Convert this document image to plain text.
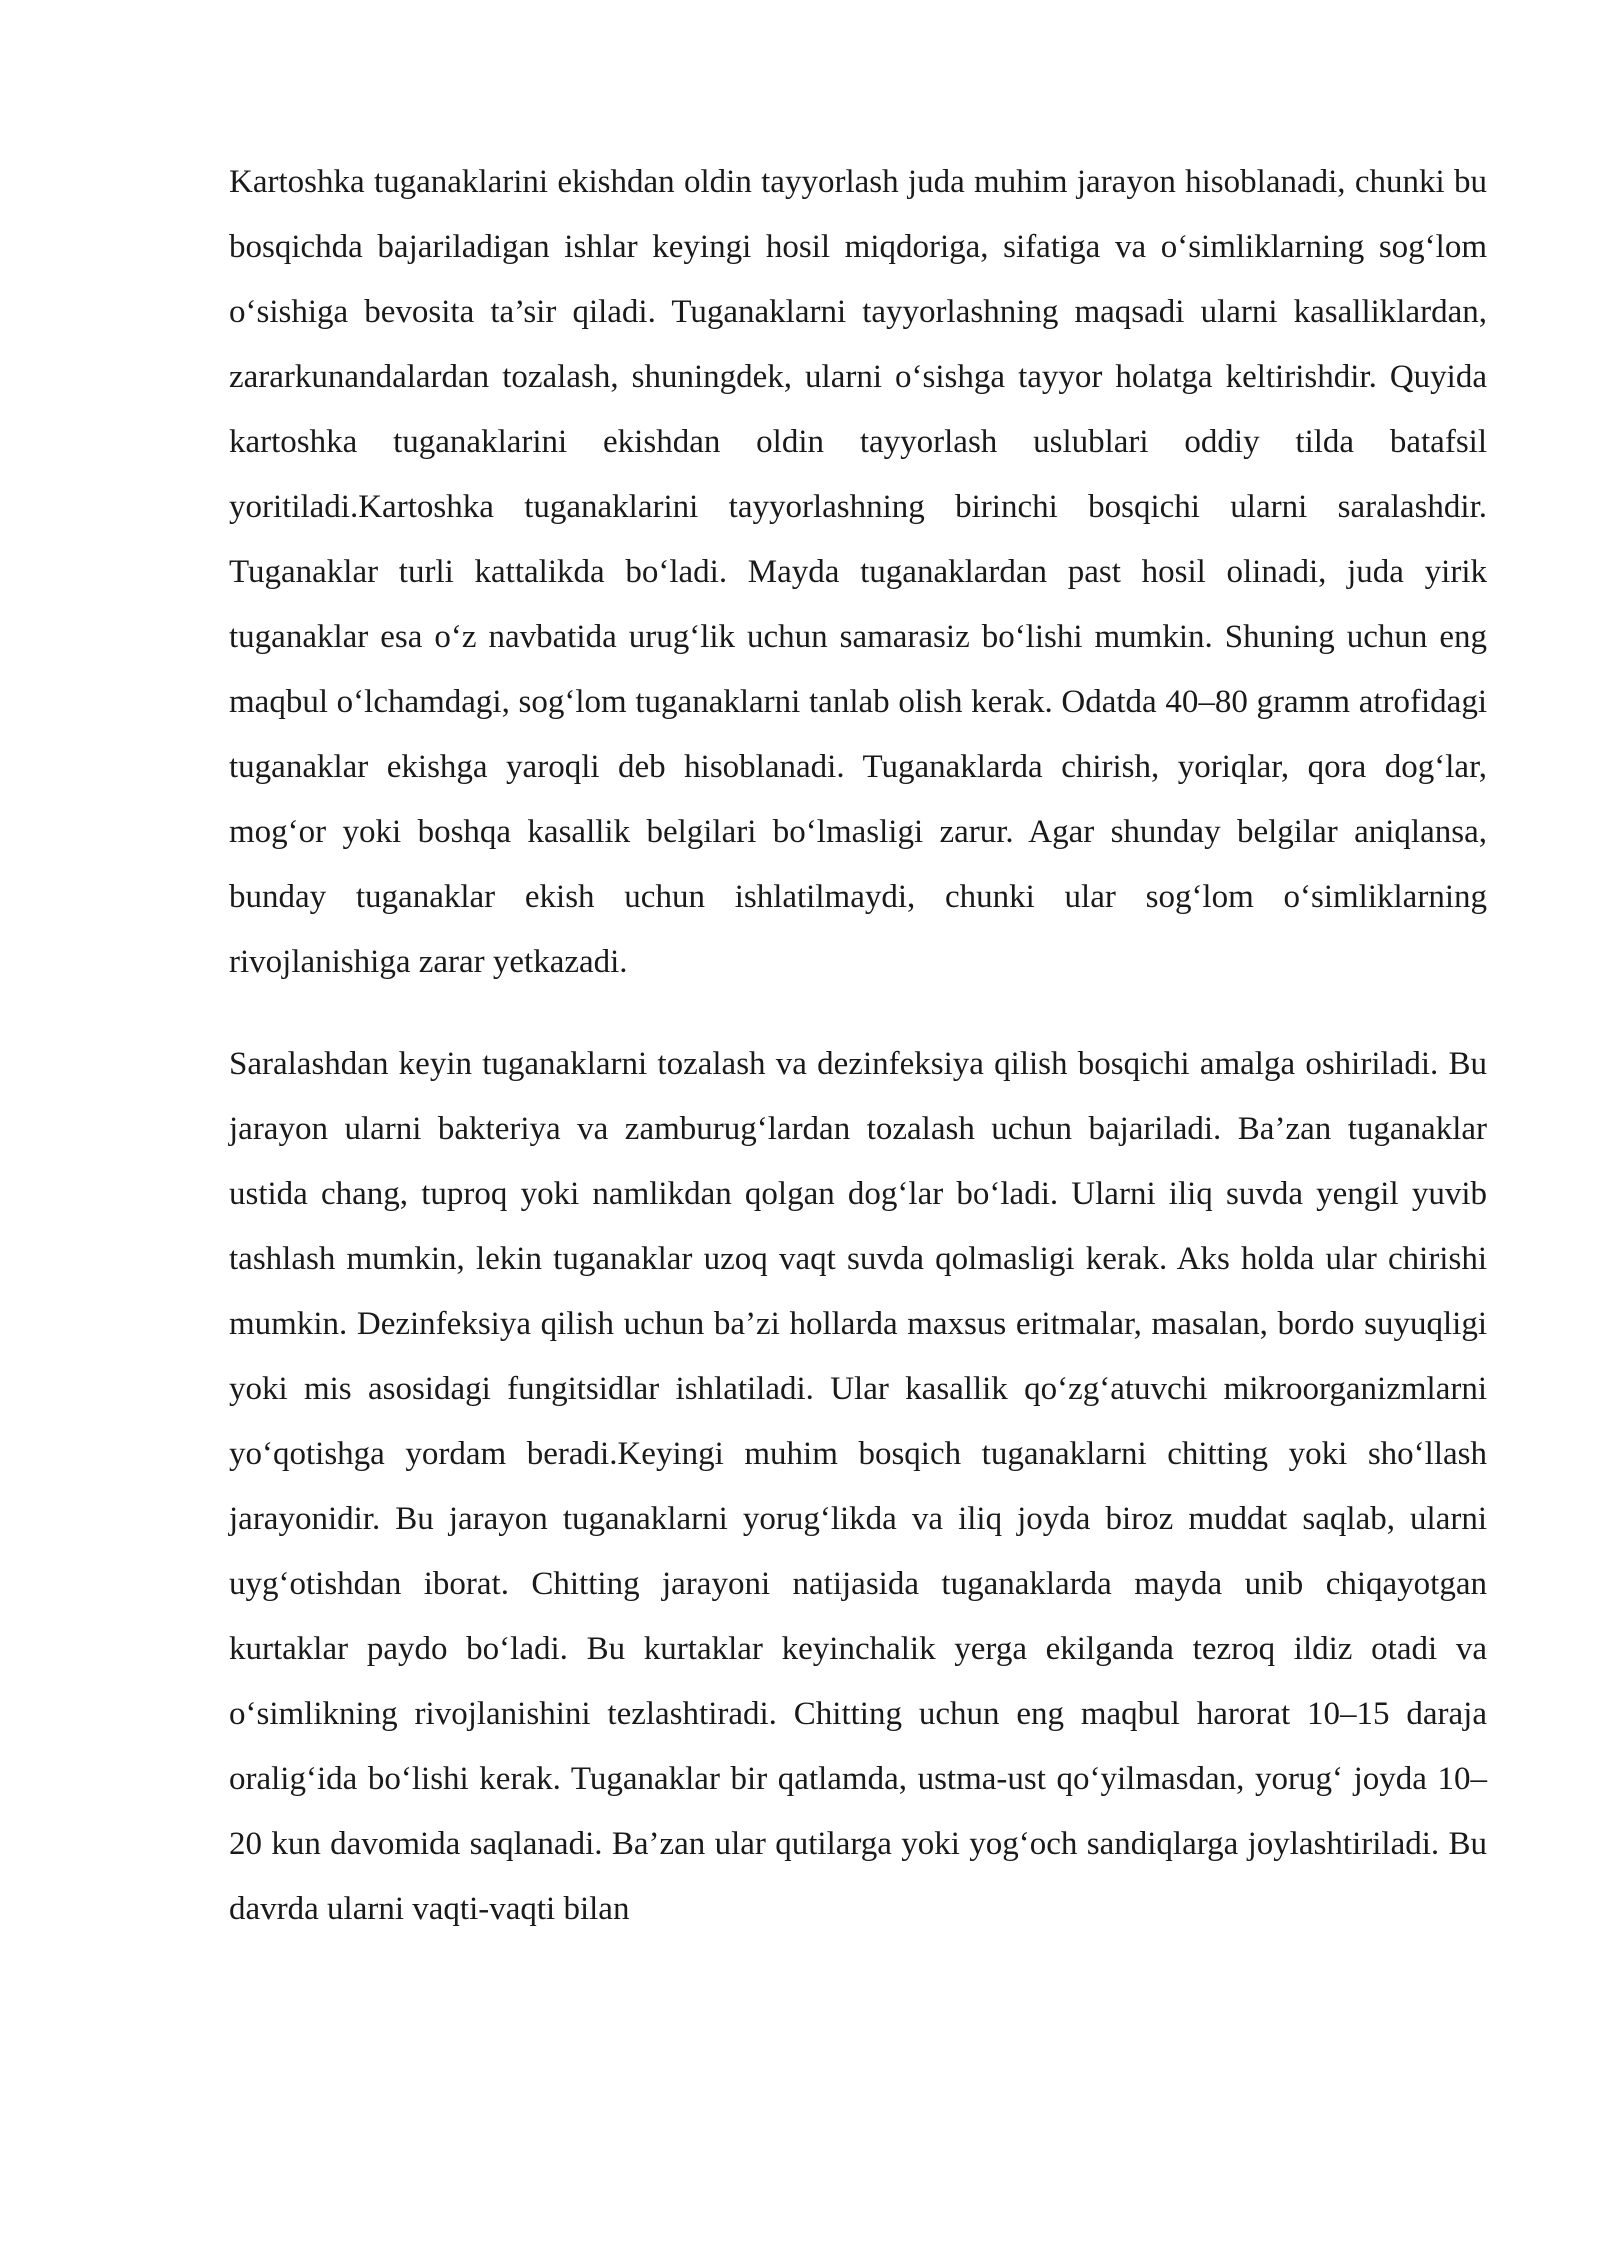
Kartoshka tuganaklarini ekishdan oldin tayyorlash juda muhim jarayon hisoblanadi, chunki bu bosqichda bajariladigan ishlar keyingi hosil miqdoriga, sifatiga va o‘simliklarning sog‘lom o‘sishiga bevosita ta’sir qiladi. Tuganaklarni tayyorlashning maqsadi ularni kasalliklardan, zararkunandalardan tozalash, shuningdek, ularni o‘sishga tayyor holatga keltirishdir. Quyida kartoshka tuganaklarini ekishdan oldin tayyorlash uslublari oddiy tilda batafsil yoritiladi.Kartoshka tuganaklarini tayyorlashning birinchi bosqichi ularni saralashdir. Tuganaklar turli kattalikda bo‘ladi. Mayda tuganaklardan past hosil olinadi, juda yirik tuganaklar esa o‘z navbatida urug‘lik uchun samarasiz bo‘lishi mumkin. Shuning uchun eng maqbul o‘lchamdagi, sog‘lom tuganaklarni tanlab olish kerak. Odatda 40–80 gramm atrofidagi tuganaklar ekishga yaroqli deb hisoblanadi. Tuganaklarda chirish, yoriqlar, qora dog‘lar, mog‘or yoki boshqa kasallik belgilari bo‘lmasligi zarur. Agar shunday belgilar aniqlansa, bunday tuganaklar ekish uchun ishlatilmaydi, chunki ular sog‘lom o‘simliklarning rivojlanishiga zarar yetkazadi.

Saralashdan keyin tuganaklarni tozalash va dezinfeksiya qilish bosqichi amalga oshiriladi. Bu jarayon ularni bakteriya va zamburug‘lardan tozalash uchun bajariladi. Ba’zan tuganaklar ustida chang, tuproq yoki namlikdan qolgan dog‘lar bo‘ladi. Ularni iliq suvda yengil yuvib tashlash mumkin, lekin tuganaklar uzoq vaqt suvda qolmasligi kerak. Aks holda ular chirishi mumkin. Dezinfeksiya qilish uchun ba’zi hollarda maxsus eritmalar, masalan, bordo suyuqligi yoki mis asosidagi fungitsidlar ishlatiladi. Ular kasallik qo‘zg‘atuvchi mikroorganizmlarni yo‘qotishga yordam beradi.Keyingi muhim bosqich tuganaklarni chitting yoki sho‘llash jarayonidir. Bu jarayon tuganaklarni yorug‘likda va iliq joyda biroz muddat saqlab, ularni uyg‘otishdan iborat. Chitting jarayoni natijasida tuganaklarda mayda unib chiqayotgan kurtaklar paydo bo‘ladi. Bu kurtaklar keyinchalik yerga ekilganda tezroq ildiz otadi va o‘simlikning rivojlanishini tezlashtiradi. Chitting uchun eng maqbul harorat 10–15 daraja oralig‘ida bo‘lishi kerak. Tuganaklar bir qatlamda, ustma-ust qo‘yilmasdan, yorug‘ joyda 10–20 kun davomida saqlanadi. Ba’zan ular qutilarga yoki yog‘och sandiqlarga joylashtiriladi. Bu davrda ularni vaqti-vaqti bilan
